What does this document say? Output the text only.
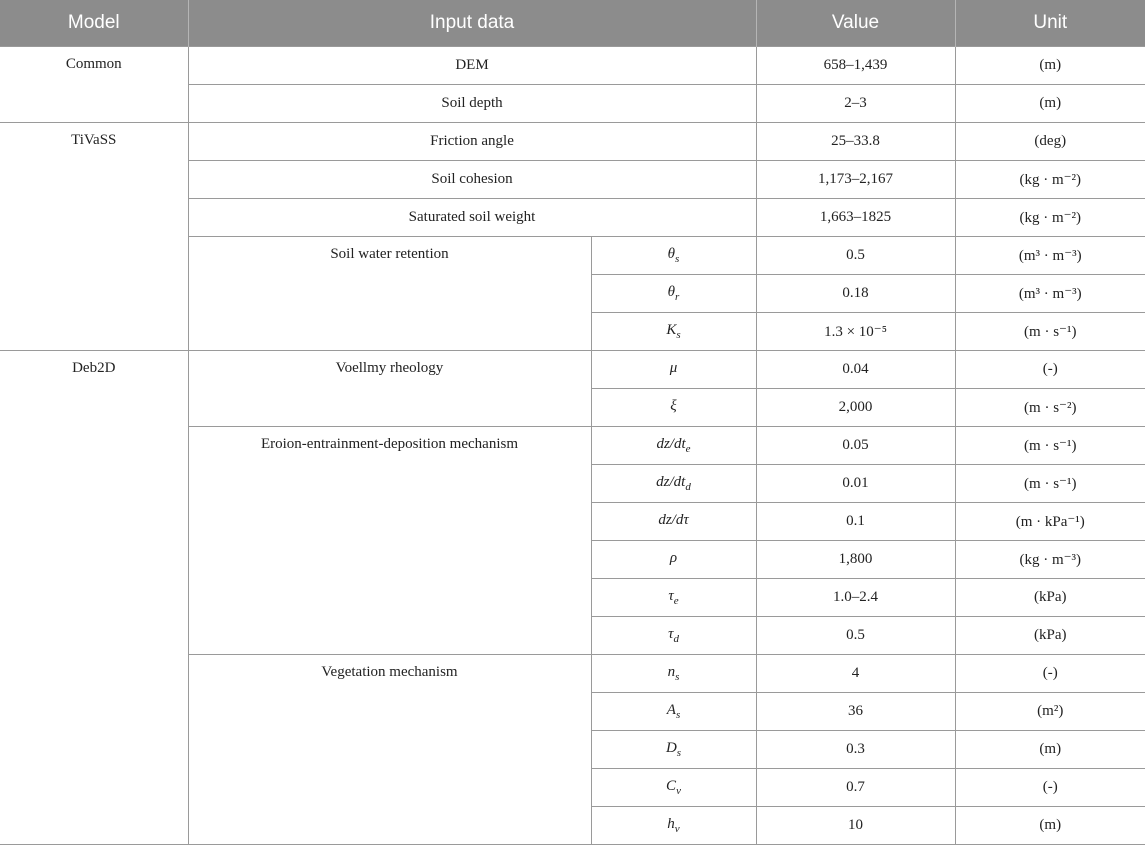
Model	Input data		Value	Unit
Common	DEM		658–1,439	(m)
	Soil depth		2–3	(m)
TiVaSS	Friction angle		25–33.8	(deg)
	Soil cohesion		1,173–2,167	(kg · m⁻²)
	Saturated soil weight		1,663–1825	(kg · m⁻²)
	Soil water retention	$\theta_s$	0.5	(m³ · m⁻³)
		$\theta_r$	0.18	(m³ · m⁻³)
		$K_s$	1.3 × 10⁻⁵	(m · s⁻¹)
Deb2D	Voellmy rheology	μ	0.04	(-)
		ξ	2,000	(m · s⁻²)
	Eroion-entrainment-deposition mechanism	$dz/dt_e$	0.05	(m · s⁻¹)
		$dz/dt_d$	0.01	(m · s⁻¹)
		dz/dτ	0.1	(m · kPa⁻¹)
		ρ	1,800	(kg · m⁻³)
		$\tau_e$	1.0–2.4	(kPa)
		$\tau_d$	0.5	(kPa)
	Vegetation mechanism	$n_s$	4	(-)
		$A_s$	36	(m²)
		$D_s$	0.3	(m)
		$C_v$	0.7	(-)
		$h_v$	10	(m)
